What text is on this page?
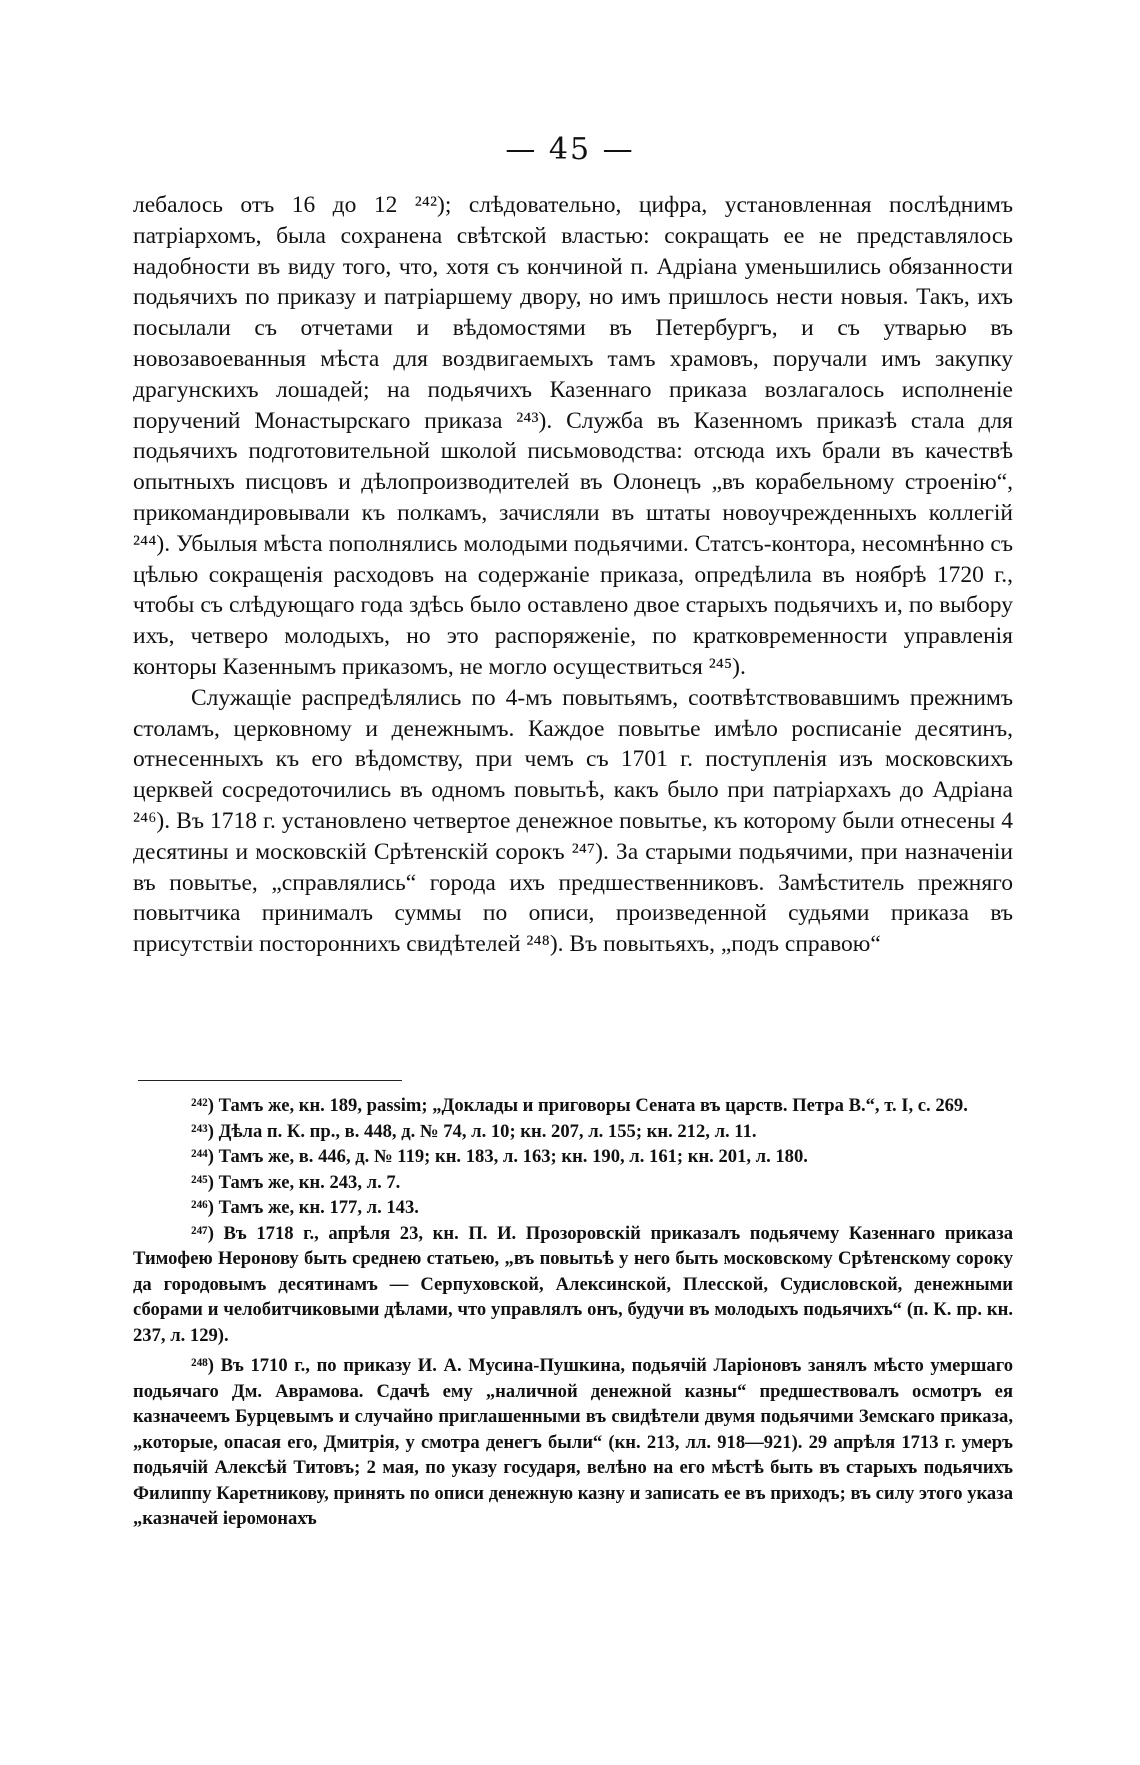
— 45 —

лебалось отъ 16 до 12 ²⁴²); слѣдовательно, цифра, установленная послѣднимъ патріархомъ, была сохранена свѣтской властью: сокращать ее не представлялось надобности въ виду того, что, хотя съ кончиной п. Адріана уменьшились обязанности подьячихъ по приказу и патріаршему двору, но имъ пришлось нести новыя. Такъ, ихъ посылали съ отчетами и вѣдомостями въ Петербургъ, и съ утварью въ новозавоеванныя мѣста для воздвигаемыхъ тамъ храмовъ, поручали имъ закупку драгунскихъ лошадей; на подьячихъ Казеннаго приказа возлагалось исполненіе поручений Монастырскаго приказа ²⁴³). Служба въ Казенномъ приказѣ стала для подьячихъ подготовительной школой письмоводства: отсюда ихъ брали въ качествѣ опытныхъ писцовъ и дѣлопроизводителей въ Олонецъ „въ корабельному строенію“, прикомандировывали къ полкамъ, зачисляли въ штаты новоучрежденныхъ коллегій ²⁴⁴). Убылыя мѣста пополнялись молодыми подьячими. Статсъ-контора, несомнѣнно съ цѣлью сокращенія расходовъ на содержаніе приказа, опредѣлила въ ноябрѣ 1720 г., чтобы съ слѣдующаго года здѣсь было оставлено двое старыхъ подьячихъ и, по выбору ихъ, четверо молодыхъ, но это распоряженіе, по кратковременности управленія конторы Казеннымъ приказомъ, не могло осуществиться ²⁴⁵).

Служащіе распредѣлялись по 4-мъ повытьямъ, соотвѣтствовавшимъ прежнимъ столамъ, церковному и денежнымъ. Каждое повытье имѣло росписаніе десятинъ, отнесенныхъ къ его вѣдомству, при чемъ съ 1701 г. поступленія изъ московскихъ церквей сосредоточились въ одномъ повытьѣ, какъ было при патріархахъ до Адріана ²⁴⁶). Въ 1718 г. установлено четвертое денежное повытье, къ которому были отнесены 4 десятины и московскій Срѣтенскій сорокъ ²⁴⁷). За старыми подьячими, при назначеніи въ повытье, „справлялись“ города ихъ предшественниковъ. Замѣститель прежняго повытчика принималъ суммы по описи, произведенной судьями приказа въ присутствіи постороннихъ свидѣтелей ²⁴⁸). Въ повытьяхъ, „подъ справою“

²⁴²) Тамъ же, кн. 189, passim; „Доклады и приговоры Сената въ царств. Петра В.“, т. I, с. 269.

²⁴³) Дѣла п. К. пр., в. 448, д. № 74, л. 10; кн. 207, л. 155; кн. 212, л. 11.

²⁴⁴) Тамъ же, в. 446, д. № 119; кн. 183, л. 163; кн. 190, л. 161; кн. 201, л. 180.

²⁴⁵) Тамъ же, кн. 243, л. 7.

²⁴⁶) Тамъ же, кн. 177, л. 143.

²⁴⁷) Въ 1718 г., апрѣля 23, кн. П. И. Прозоровскій приказалъ подьячему Казеннаго приказа Тимофею Неронову быть среднею статьею, „въ повытьѣ у него быть московскому Срѣтенскому сороку да городовымъ десятинамъ — Серпуховской, Алексинской, Плесской, Судисловской, денежными сборами и челобитчиковыми дѣлами, что управлялъ онъ, будучи въ молодыхъ подьячихъ“ (п. К. пр. кн. 237, л. 129).

²⁴⁸) Въ 1710 г., по приказу И. А. Мусина-Пушкина, подьячій Ларіоновъ занялъ мѣсто умершаго подьячаго Дм. Аврамова. Сдачѣ ему „наличной денежной казны“ предшествовалъ осмотръ ея казначеемъ Бурцевымъ и случайно приглашенными въ свидѣтели двумя подьячими Земскаго приказа, „которые, опасая его, Дмитрія, у смотра денегъ были“ (кн. 213, лл. 918—921). 29 апрѣля 1713 г. умеръ подьячій Алексѣй Титовъ; 2 мая, по указу государя, велѣно на его мѣстѣ быть въ старыхъ подьячихъ Филиппу Каретникову, принять по описи денежную казну и записать ее въ приходъ; въ силу этого указа „казначей іеромонахъ
